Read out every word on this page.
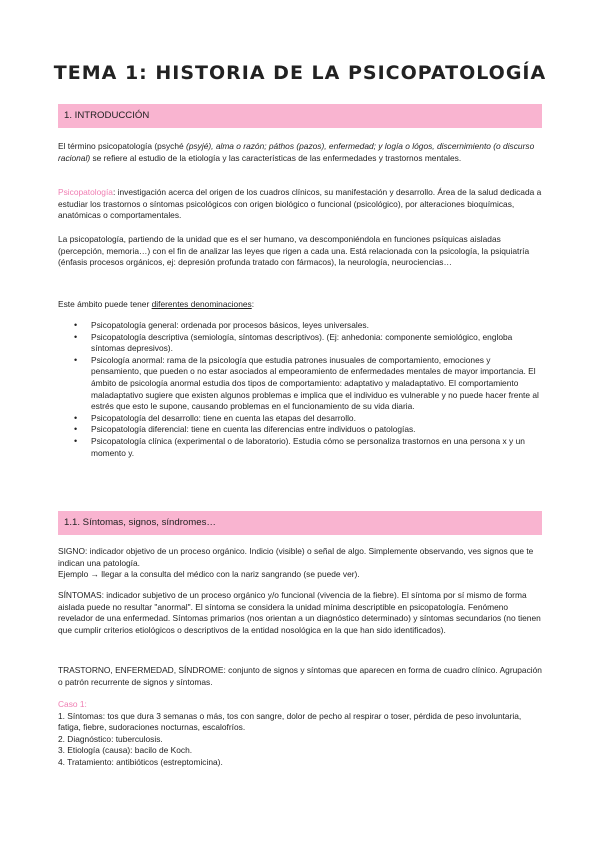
TEMA 1: HISTORIA DE LA PSICOPATOLOGÍA
1. INTRODUCCIÓN

El término psicopatología (psyché (psyjé), alma o razón; páthos (pazos), enfermedad; y logía o lógos, discernimiento (o discurso racional) se refiere al estudio de la etiología y las características de las enfermedades y trastornos mentales.

Psicopatología: investigación acerca del origen de los cuadros clínicos, su manifestación y desarrollo. Área de la salud dedicada a estudiar los trastornos o síntomas psicológicos con origen biológico o funcional (psicológico), por alteraciones bioquímicas, anatómicas o comportamentales.

La psicopatología, partiendo de la unidad que es el ser humano, va descomponiéndola en funciones psíquicas aisladas (percepción, memoria…) con el fin de analizar las leyes que rigen a cada una. Está relacionada con la psicología, la psiquiatría (énfasis procesos orgánicos, ej: depresión profunda tratado con fármacos), la neurología, neurociencias…

Este ámbito puede tener diferentes denominaciones:

• Psicopatología general: ordenada por procesos básicos, leyes universales.
• Psicopatología descriptiva (semiología, síntomas descriptivos). (Ej: anhedonia: componente semiológico, engloba síntomas depresivos).
• Psicología anormal: rama de la psicología que estudia patrones inusuales de comportamiento, emociones y pensamiento, que pueden o no estar asociados al empeoramiento de enfermedades mentales de mayor importancia. El ámbito de psicología anormal estudia dos tipos de comportamiento: adaptativo y maladaptativo. El comportamiento maladaptativo sugiere que existen algunos problemas e implica que el individuo es vulnerable y no puede hacer frente al estrés que esto le supone, causando problemas en el funcionamiento de su vida diaria.
• Psicopatología del desarrollo: tiene en cuenta las etapas del desarrollo.
• Psicopatología diferencial: tiene en cuenta las diferencias entre individuos o patologías.
• Psicopatología clínica (experimental o de laboratorio). Estudia cómo se personaliza trastornos en una persona x y un momento y.
1.1. Síntomas, signos, síndromes…

SIGNO: indicador objetivo de un proceso orgánico. Indicio (visible) o señal de algo. Simplemente observando, ves signos que te indican una patología.

Ejemplo → llegar a la consulta del médico con la nariz sangrando (se puede ver).

SÍNTOMAS: indicador subjetivo de un proceso orgánico y/o funcional (vivencia de la fiebre). El síntoma por sí mismo de forma aislada puede no resultar "anormal". El síntoma se considera la unidad mínima descriptible en psicopatología. Fenómeno revelador de una enfermedad. Síntomas primarios (nos orientan a un diagnóstico determinado) y síntomas secundarios (no tienen que cumplir criterios etiológicos o descriptivos de la entidad nosológica en la que han sido identificados).

TRASTORNO, ENFERMEDAD, SÍNDROME: conjunto de signos y síntomas que aparecen en forma de cuadro clínico. Agrupación o patrón recurrente de signos y síntomas.

Caso 1:

1. Síntomas: tos que dura 3 semanas o más, tos con sangre, dolor de pecho al respirar o toser, pérdida de peso involuntaria, fatiga, fiebre, sudoraciones nocturnas, escalofríos.

2. Diagnóstico: tuberculosis.

3. Etiología (causa): bacilo de Koch.

4. Tratamiento: antibióticos (estreptomicina).
